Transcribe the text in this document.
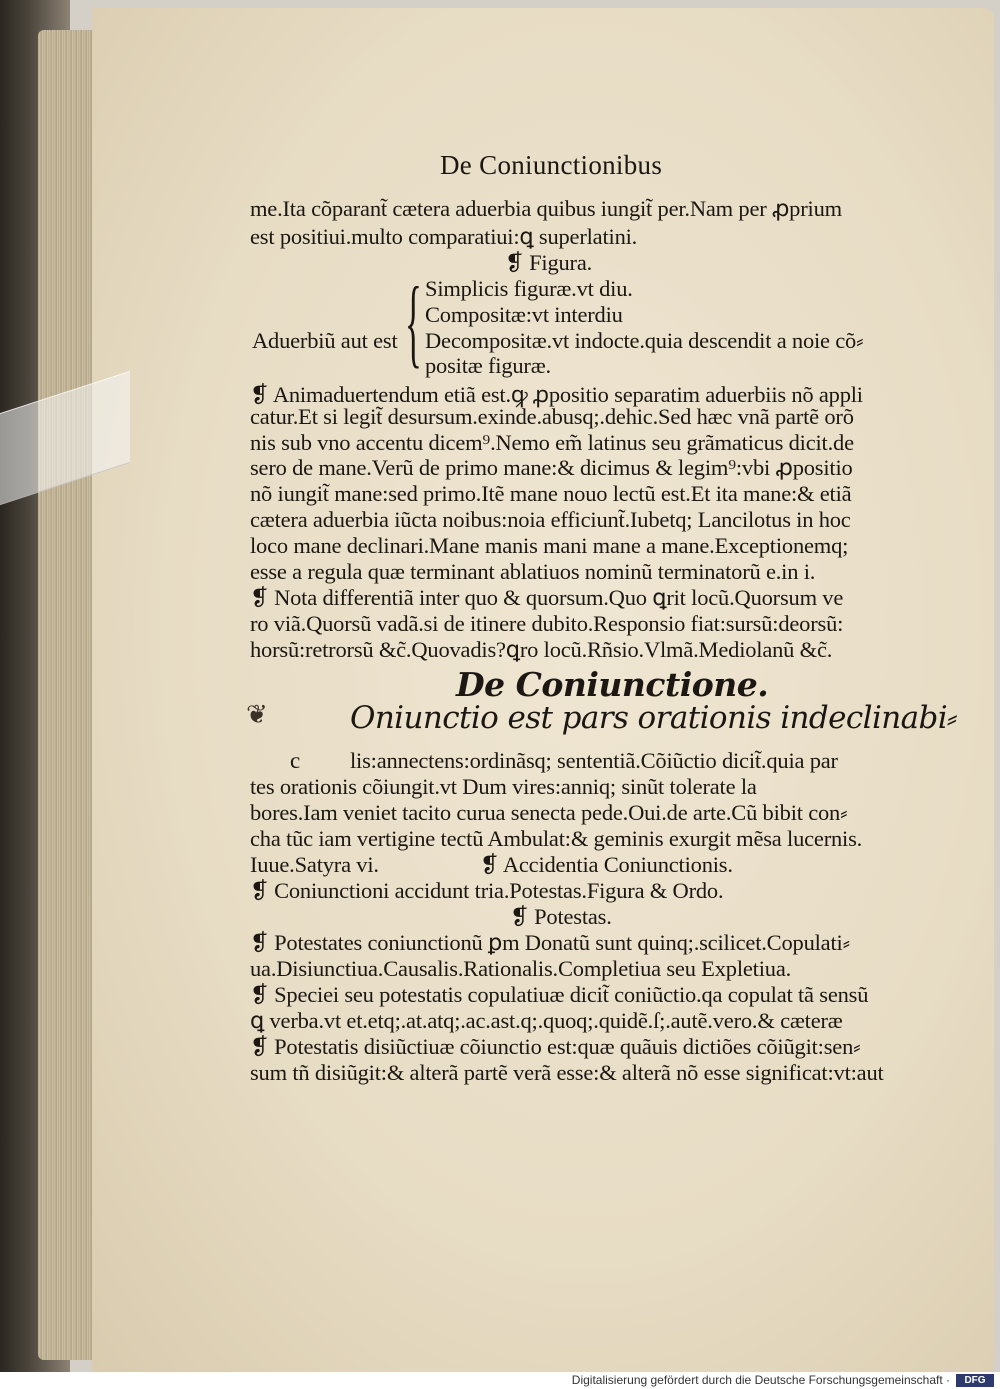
De Coniunctionibus
me.Ita cõparant̃ cætera aduerbia quibus iungit̃ per.Nam per ꝓprium
est positiui.multo comparatiui:ꝗ superlatini.
❡ Figura.
{ Simplicis figuræ.vt diu.
Compositæ:vt interdiu
Aduerbiũ aut est Decompositæ.vt indocte.quia descendit a noie cõ⸗
positæ figuræ.
❡ Animaduertendum etiã est.ꝙ ꝓpositio separatim aduerbiis nõ appli
catur.Et si legit̃ desursum.exinde.abusq;.dehic.Sed hæc vnã partẽ orõ
nis sub vno accentu dicem⁹.Nemo em̃ latinus seu grãmaticus dicit.de
sero de mane.Verũ de primo mane:& dicimus & legim⁹:vbi ꝓpositio
nõ iungit̃ mane:sed primo.Itẽ mane nouo lectũ est.Et ita mane:& etiã
cætera aduerbia iũcta noibus:noia efficiunt̃.Iubetq; Lancilotus in hoc
loco mane declinari.Mane manis mani mane a mane.Exceptionemq;
esse a regula quæ terminant ablatiuos nominũ terminatorũ e.in i.
❡ Nota differentiã inter quo & quorsum.Quo ꝗrit locũ.Quorsum ve
ro viã.Quorsũ vadã.si de itinere dubito.Responsio fiat:sursũ:deorsũ:
horsũ:retrorsũ &c̃.Quovadis?ꝗro locũ.Rñsio.Vlmã.Mediolanũ &c̃.
De Coniunctione.
❦	Oniunctio est pars orationis indeclinabi⸗
c lis:annectens:ordinãsq; sententiã.Cõiũctio dicit̃.quia par
tes orationis cõiungit.vt Dum vires:anniq; sinũt tolerate la
bores.Iam veniet tacito curua senecta pede.Oui.de arte.Cũ bibit con⸗
cha tũc iam vertigine tectũ Ambulat:& geminis exurgit mẽsa lucernis.
Iuue.Satyra vi.	❡ Accidentia Coniunctionis.
❡ Coniunctioni accidunt tria.Potestas.Figura & Ordo.
❡ Potestas.
❡ Potestates coniunctionũ ꝑm Donatũ sunt quinq;.scilicet.Copulati⸗
ua.Disiunctiua.Causalis.Rationalis.Completiua seu Expletiua.
❡ Speciei seu potestatis copulatiuæ dicit̃ coniũctio.qa copulat tã sensũ
ꝗ verba.vt et.etq;.at.atq;.ac.ast.q;.quoq;.quidẽ.ſ;.autẽ.vero.& cæteræ
❡ Potestatis disiũctiuæ cõiunctio est:quæ quãuis dictiões cõiũgit:sen⸗
sum tñ disiũgit:& alterã partẽ verã esse:& alterã nõ esse significat:vt:aut
Digitalisierung gefördert durch die Deutsche Forschungsgemeinschaft ·	DFG
